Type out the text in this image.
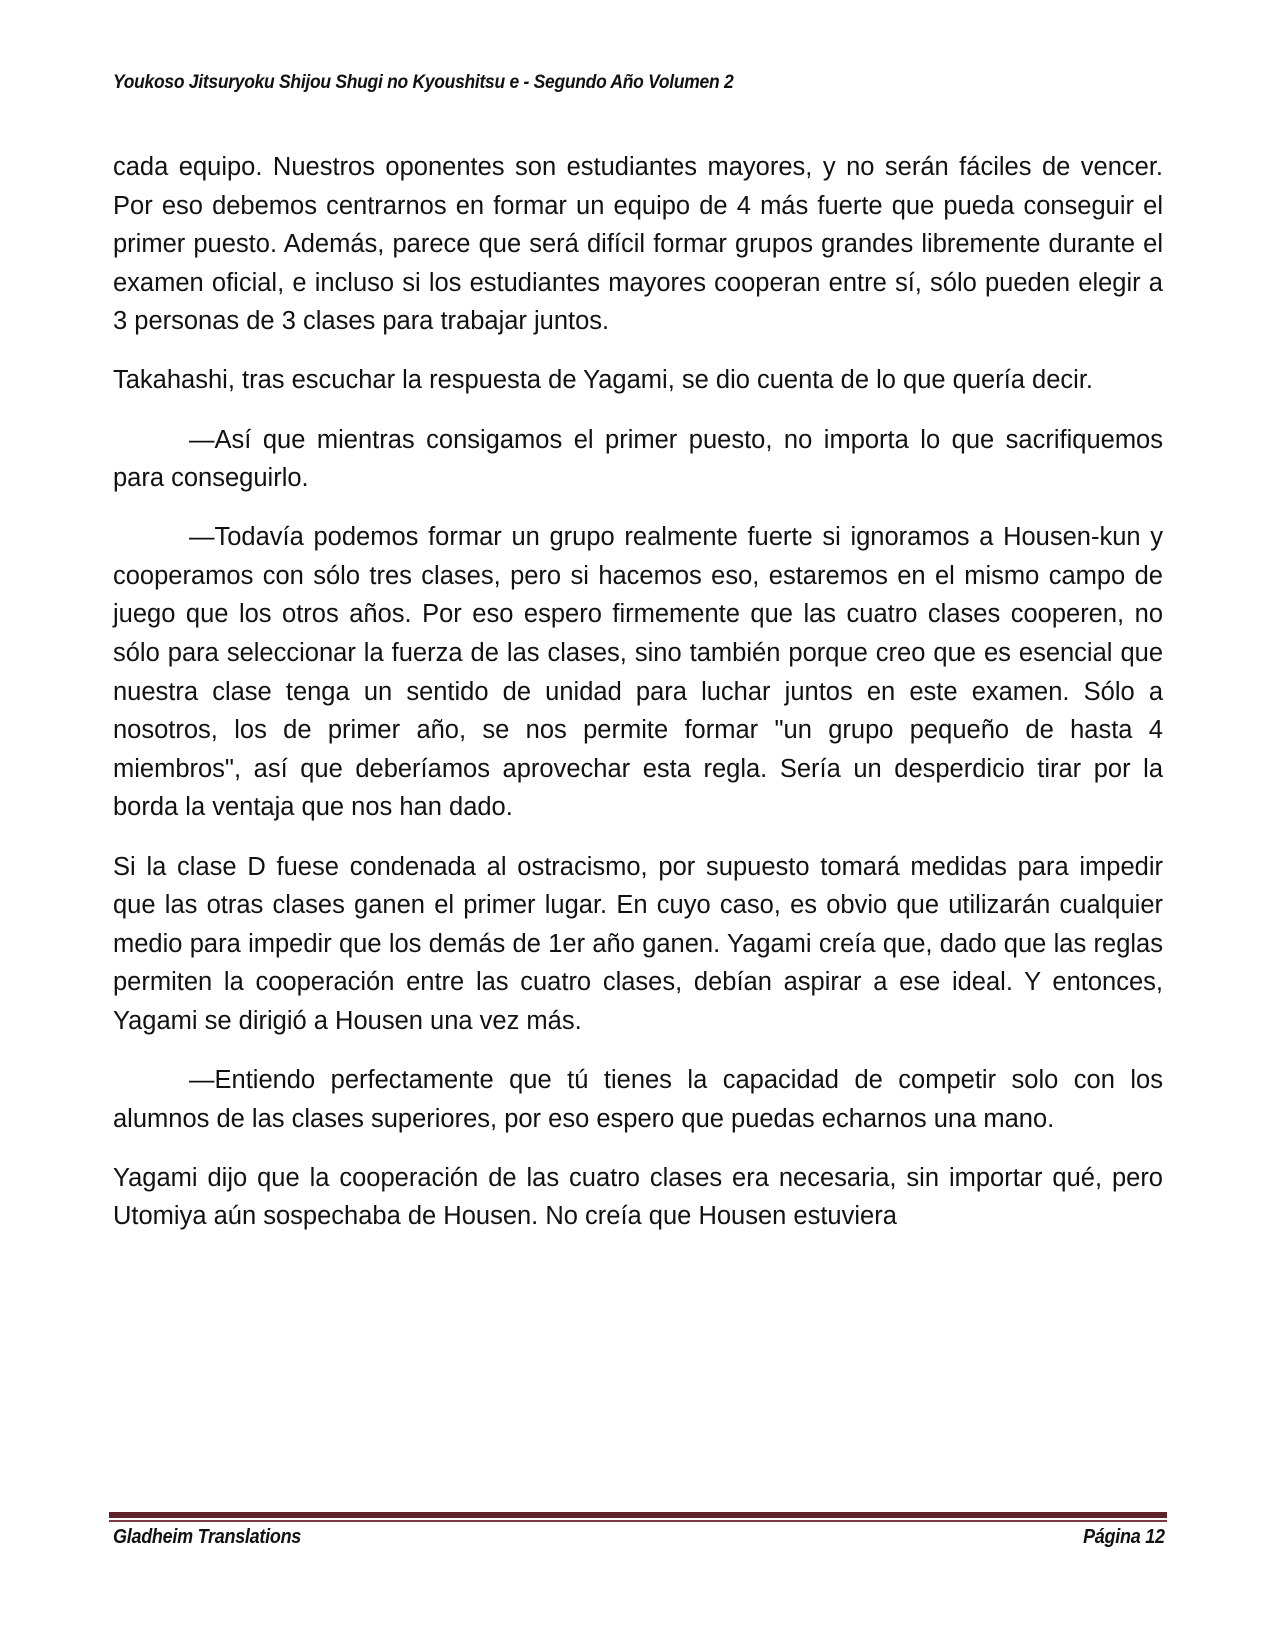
Youkoso Jitsuryoku Shijou Shugi no Kyoushitsu e - Segundo Año Volumen 2

cada equipo. Nuestros oponentes son estudiantes mayores, y no serán fáciles de vencer. Por eso debemos centrarnos en formar un equipo de 4 más fuerte que pueda conseguir el primer puesto. Además, parece que será difícil formar grupos grandes libremente durante el examen oficial, e incluso si los estudiantes mayores cooperan entre sí, sólo pueden elegir a 3 personas de 3 clases para trabajar juntos.

Takahashi, tras escuchar la respuesta de Yagami, se dio cuenta de lo que quería decir.

—Así que mientras consigamos el primer puesto, no importa lo que sacrifiquemos para conseguirlo.

—Todavía podemos formar un grupo realmente fuerte si ignoramos a Housen-kun y cooperamos con sólo tres clases, pero si hacemos eso, estaremos en el mismo campo de juego que los otros años. Por eso espero firmemente que las cuatro clases cooperen, no sólo para seleccionar la fuerza de las clases, sino también porque creo que es esencial que nuestra clase tenga un sentido de unidad para luchar juntos en este examen. Sólo a nosotros, los de primer año, se nos permite formar "un grupo pequeño de hasta 4 miembros", así que deberíamos aprovechar esta regla. Sería un desperdicio tirar por la borda la ventaja que nos han dado.

Si la clase D fuese condenada al ostracismo, por supuesto tomará medidas para impedir que las otras clases ganen el primer lugar. En cuyo caso, es obvio que utilizarán cualquier medio para impedir que los demás de 1er año ganen. Yagami creía que, dado que las reglas permiten la cooperación entre las cuatro clases, debían aspirar a ese ideal. Y entonces, Yagami se dirigió a Housen una vez más.

—Entiendo perfectamente que tú tienes la capacidad de competir solo con los alumnos de las clases superiores, por eso espero que puedas echarnos una mano.

Yagami dijo que la cooperación de las cuatro clases era necesaria, sin importar qué, pero Utomiya aún sospechaba de Housen. No creía que Housen estuviera

Gladheim Translations	Página 12
